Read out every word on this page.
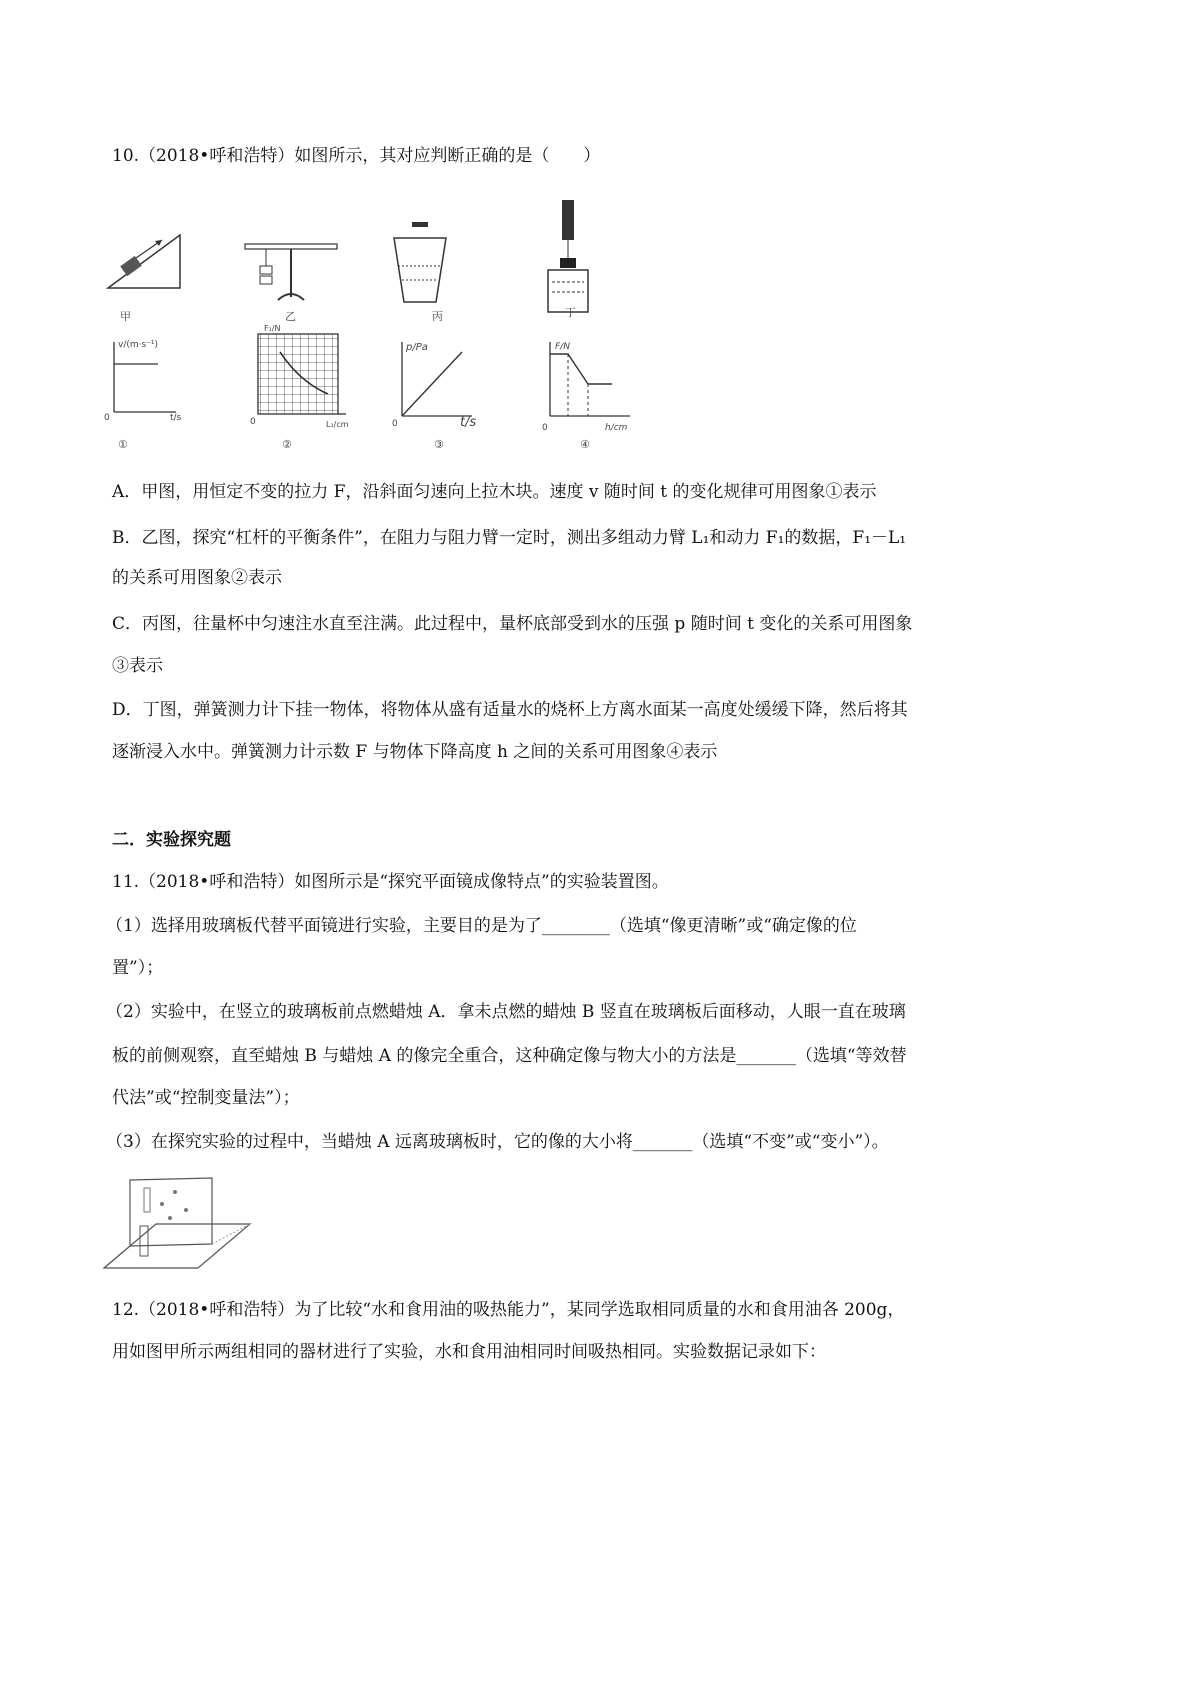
10.（2018•呼和浩特）如图所示，其对应判断正确的是（　　）
甲	乙	丙	丁
v/(m·s⁻¹)
t/s
0
F₁/N
L₁/cm
0
p/Pa
t/s
0
F/N
h/cm
0
①	②	③	④
A．甲图，用恒定不变的拉力 F，沿斜面匀速向上拉木块。速度 v 随时间 t 的变化规律可用图象①表示
B．乙图，探究“杠杆的平衡条件”，在阻力与阻力臂一定时，测出多组动力臂 L₁和动力 F₁的数据，F₁－L₁
的关系可用图象②表示
C．丙图，往量杯中匀速注水直至注满。此过程中，量杯底部受到水的压强 p 随时间 t 变化的关系可用图象
③表示
D．丁图，弹簧测力计下挂一物体，将物体从盛有适量水的烧杯上方离水面某一高度处缓缓下降，然后将其
逐渐浸入水中。弹簧测力计示数 F 与物体下降高度 h 之间的关系可用图象④表示
二．实验探究题
11.（2018•呼和浩特）如图所示是“探究平面镜成像特点”的实验装置图。
（1）选择用玻璃板代替平面镜进行实验，主要目的是为了________（选填“像更清晰”或“确定像的位
置”）；
（2）实验中，在竖立的玻璃板前点燃蜡烛 A．拿未点燃的蜡烛 B 竖直在玻璃板后面移动，人眼一直在玻璃
板的前侧观察，直至蜡烛 B 与蜡烛 A 的像完全重合，这种确定像与物大小的方法是_______（选填“等效替
代法”或“控制变量法”）；
（3）在探究实验的过程中，当蜡烛 A 远离玻璃板时，它的像的大小将_______（选填“不变”或“变小”）。
12.（2018•呼和浩特）为了比较“水和食用油的吸热能力”，某同学选取相同质量的水和食用油各 200g，
用如图甲所示两组相同的器材进行了实验，水和食用油相同时间吸热相同。实验数据记录如下：
